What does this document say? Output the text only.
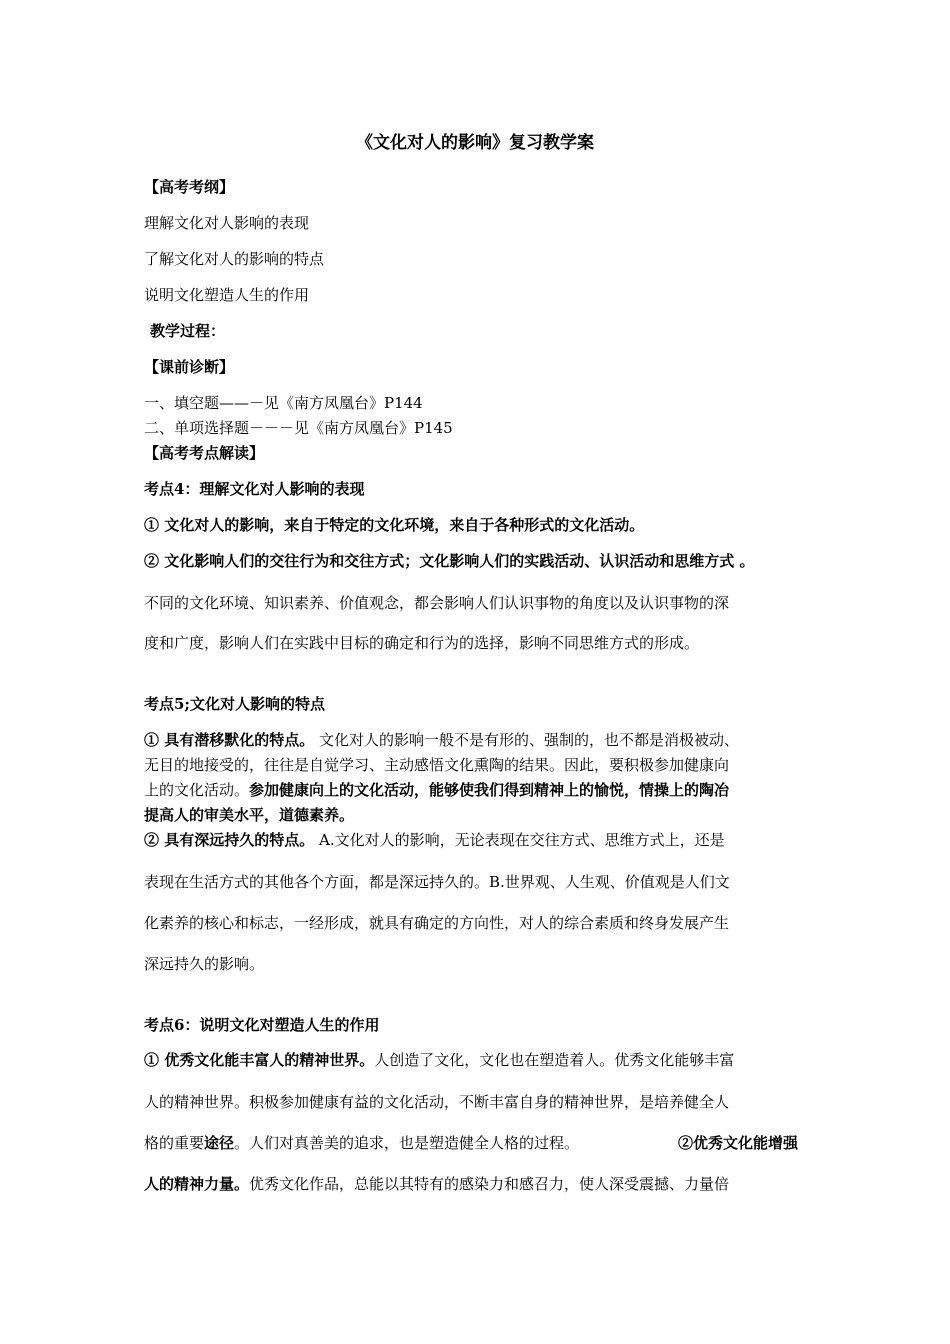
《文化对人的影响》复习教学案
【高考考纲】
理解文化对人影响的表现
了解文化对人的影响的特点
说明文化塑造人生的作用
教学过程：
【课前诊断】
一、填空题——－见《南方凤凰台》P144
二、单项选择题－－－见《南方凤凰台》P145
【高考考点解读】
考点4：理解文化对人影响的表现
① 文化对人的影响，来自于特定的文化环境，来自于各种形式的文化活动。
② 文化影响人们的交往行为和交往方式；文化影响人们的实践活动、认识活动和思维方式 。
不同的文化环境、知识素养、价值观念，都会影响人们认识事物的角度以及认识事物的深
度和广度，影响人们在实践中目标的确定和行为的选择，影响不同思维方式的形成。
考点5;文化对人影响的特点
① 具有潜移默化的特点。 文化对人的影响一般不是有形的、强制的，也不都是消极被动、
无目的地接受的，往往是自觉学习、主动感悟文化熏陶的结果。因此，要积极参加健康向
上的文化活动。参加健康向上的文化活动，能够使我们得到精神上的愉悦，情操上的陶冶
提高人的审美水平，道德素养。
② 具有深远持久的特点。 A.文化对人的影响，无论表现在交往方式、思维方式上，还是
表现在生活方式的其他各个方面，都是深远持久的。B.世界观、人生观、价值观是人们文
化素养的核心和标志，一经形成，就具有确定的方向性，对人的综合素质和终身发展产生
深远持久的影响。
考点6：说明文化对塑造人生的作用
① 优秀文化能丰富人的精神世界。人创造了文化，文化也在塑造着人。优秀文化能够丰富
人的精神世界。积极参加健康有益的文化活动，不断丰富自身的精神世界，是培养健全人
格的重要途径。人们对真善美的追求，也是塑造健全人格的过程。	②优秀文化能增强
人的精神力量。优秀文化作品，总能以其特有的感染力和感召力，使人深受震撼、力量倍
